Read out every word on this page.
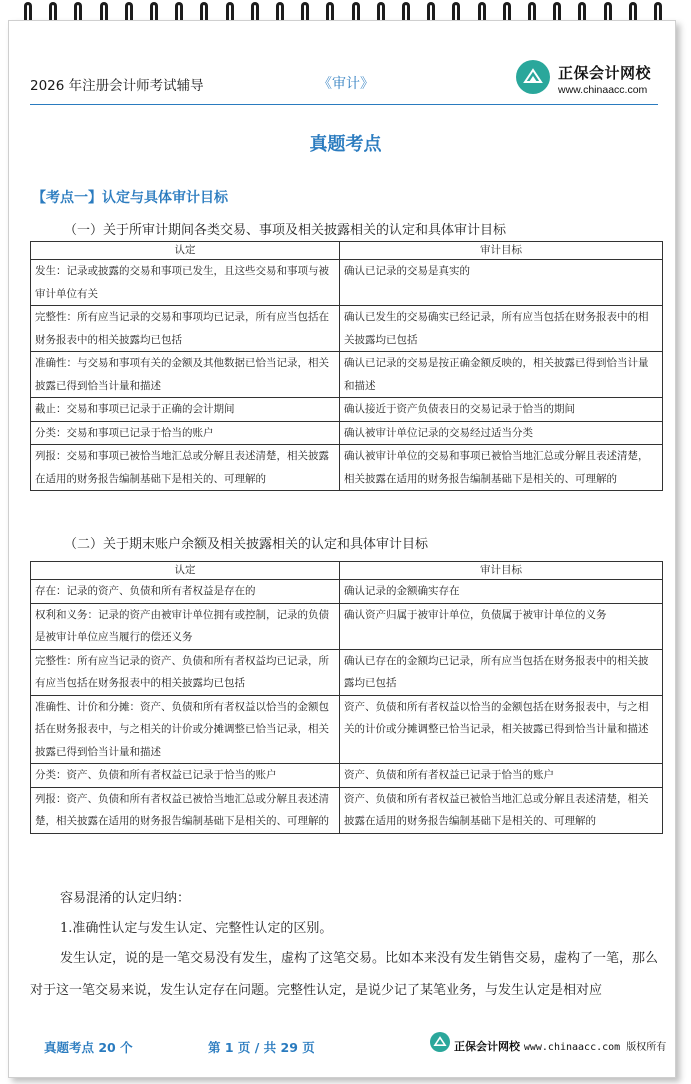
2026 年注册会计师考试辅导	《审计》
正保会计网校
www.chinaacc.com
真题考点
【考点一】认定与具体审计目标
（一）关于所审计期间各类交易、事项及相关披露相关的认定和具体审计目标
认定	审计目标
发生：记录或披露的交易和事项已发生，且这些交易和事项与被审计单位有关	确认已记录的交易是真实的
完整性：所有应当记录的交易和事项均已记录，所有应当包括在财务报表中的相关披露均已包括	确认已发生的交易确实已经记录，所有应当包括在财务报表中的相关披露均已包括
准确性：与交易和事项有关的金额及其他数据已恰当记录，相关披露已得到恰当计量和描述	确认已记录的交易是按正确金额反映的，相关披露已得到恰当计量和描述
截止：交易和事项已记录于正确的会计期间	确认接近于资产负债表日的交易记录于恰当的期间
分类：交易和事项已记录于恰当的账户	确认被审计单位记录的交易经过适当分类
列报：交易和事项已被恰当地汇总或分解且表述清楚，相关披露在适用的财务报告编制基础下是相关的、可理解的	确认被审计单位的交易和事项已被恰当地汇总或分解且表述清楚，相关披露在适用的财务报告编制基础下是相关的、可理解的
（二）关于期末账户余额及相关披露相关的认定和具体审计目标
认定	审计目标
存在：记录的资产、负债和所有者权益是存在的	确认记录的金额确实存在
权利和义务：记录的资产由被审计单位拥有或控制，记录的负债是被审计单位应当履行的偿还义务	确认资产归属于被审计单位，负债属于被审计单位的义务
完整性：所有应当记录的资产、负债和所有者权益均已记录，所有应当包括在财务报表中的相关披露均已包括	确认已存在的金额均已记录，所有应当包括在财务报表中的相关披露均已包括
准确性、计价和分摊：资产、负债和所有者权益以恰当的金额包括在财务报表中，与之相关的计价或分摊调整已恰当记录，相关披露已得到恰当计量和描述	资产、负债和所有者权益以恰当的金额包括在财务报表中，与之相关的计价或分摊调整已恰当记录，相关披露已得到恰当计量和描述
分类：资产、负债和所有者权益已记录于恰当的账户	资产、负债和所有者权益已记录于恰当的账户
列报：资产、负债和所有者权益已被恰当地汇总或分解且表述清楚，相关披露在适用的财务报告编制基础下是相关的、可理解的	资产、负债和所有者权益已被恰当地汇总或分解且表述清楚，相关披露在适用的财务报告编制基础下是相关的、可理解的
容易混淆的认定归纳：
1.准确性认定与发生认定、完整性认定的区别。
发生认定，说的是一笔交易没有发生，虚构了这笔交易。比如本来没有发生销售交易，虚构了一笔，那么对于这一笔交易来说，发生认定存在问题。完整性认定，是说少记了某笔业务，与发生认定是相对应
真题考点 20 个	第 1 页 / 共 29 页	正保会计网校 www.chinaacc.com 版权所有
